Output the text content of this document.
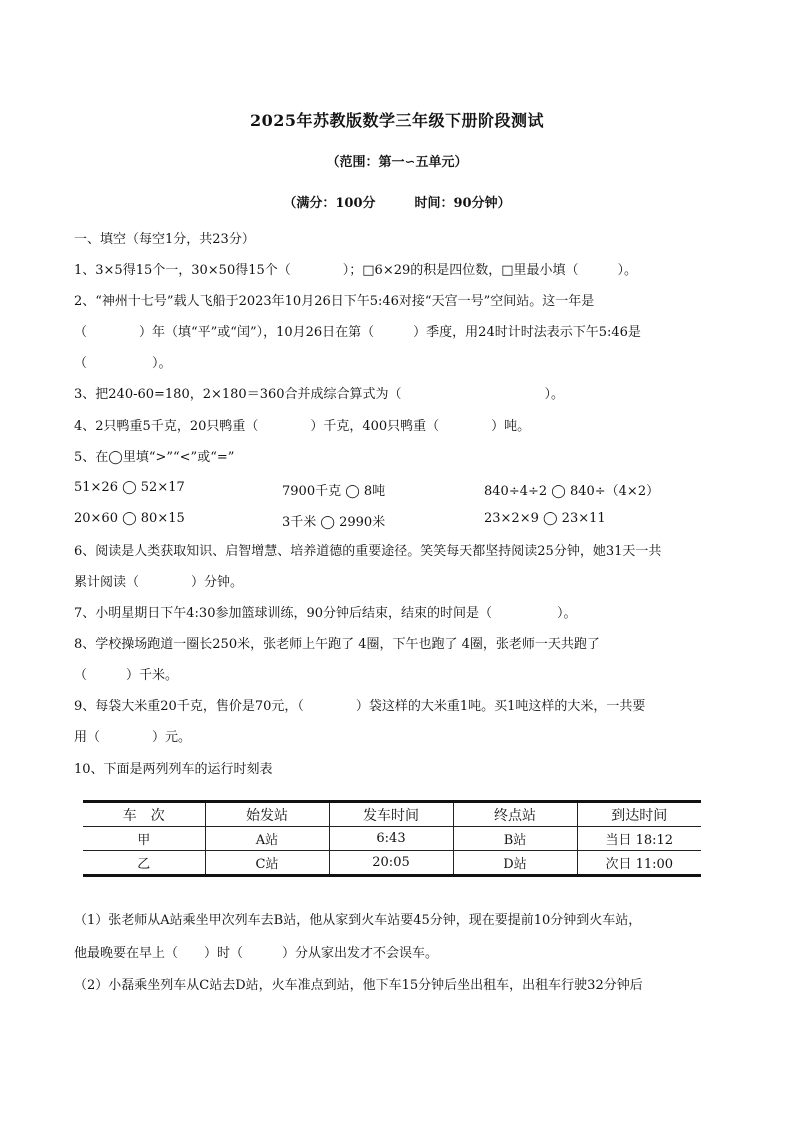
2025年苏教版数学三年级下册阶段测试
（范围：第一∽五单元）
（满分：100分　　　时间：90分钟）
一、填空（每空1分，共23分）
1、3×5得15个一，30×50得15个（　　　　）；□6×29的积是四位数，□里最小填（　　　）。
2、“神州十七号”载人飞船于2023年10月26日下午5:46对接“天宫一号”空间站。这一年是
（　　　　）年（填“平”或“闰”），10月26日在第（　　　）季度，用24时计时法表示下午5:46是
（　　　　　）。
3、把240-60=180，2×180＝360合并成综合算式为（　　　　　　　　　　　）。
4、2只鸭重5千克，20只鸭重（　　　　）千克，400只鸭重（　　　　）吨。
5、在◯里填“>”“<”或“=”
51×26 ◯ 52×17	7900千克 ◯ 8吨	840÷4÷2 ◯ 840÷（4×2）
20×60 ◯ 80×15	3千米 ◯ 2990米	23×2×9 ◯ 23×11
6、阅读是人类获取知识、启智增慧、培养道德的重要途径。笑笑每天都坚持阅读25分钟，她31天一共
累计阅读（　　　　）分钟。
7、小明星期日下午4:30参加篮球训练，90分钟后结束，结束的时间是（　　　　　）。
8、学校操场跑道一圈长250米，张老师上午跑了 4圈，下午也跑了 4圈，张老师一天共跑了
（　　　）千米。
9、每袋大米重20千克，售价是70元，（　　　　）袋这样的大米重1吨。买1吨这样的大米，一共要
用（　　　　）元。
10、下面是两列列车的运行时刻表
车　次	始发站	发车时间	终点站	到达时间
甲	A站	6:43	B站	当日 18:12
乙	C站	20:05	D站	次日 11:00
（1）张老师从A站乘坐甲次列车去B站，他从家到火车站要45分钟，现在要提前10分钟到火车站，
他最晚要在早上（　　）时（　　　）分从家出发才不会误车。
（2）小磊乘坐列车从C站去D站，火车准点到站，他下车15分钟后坐出租车，出租车行驶32分钟后
